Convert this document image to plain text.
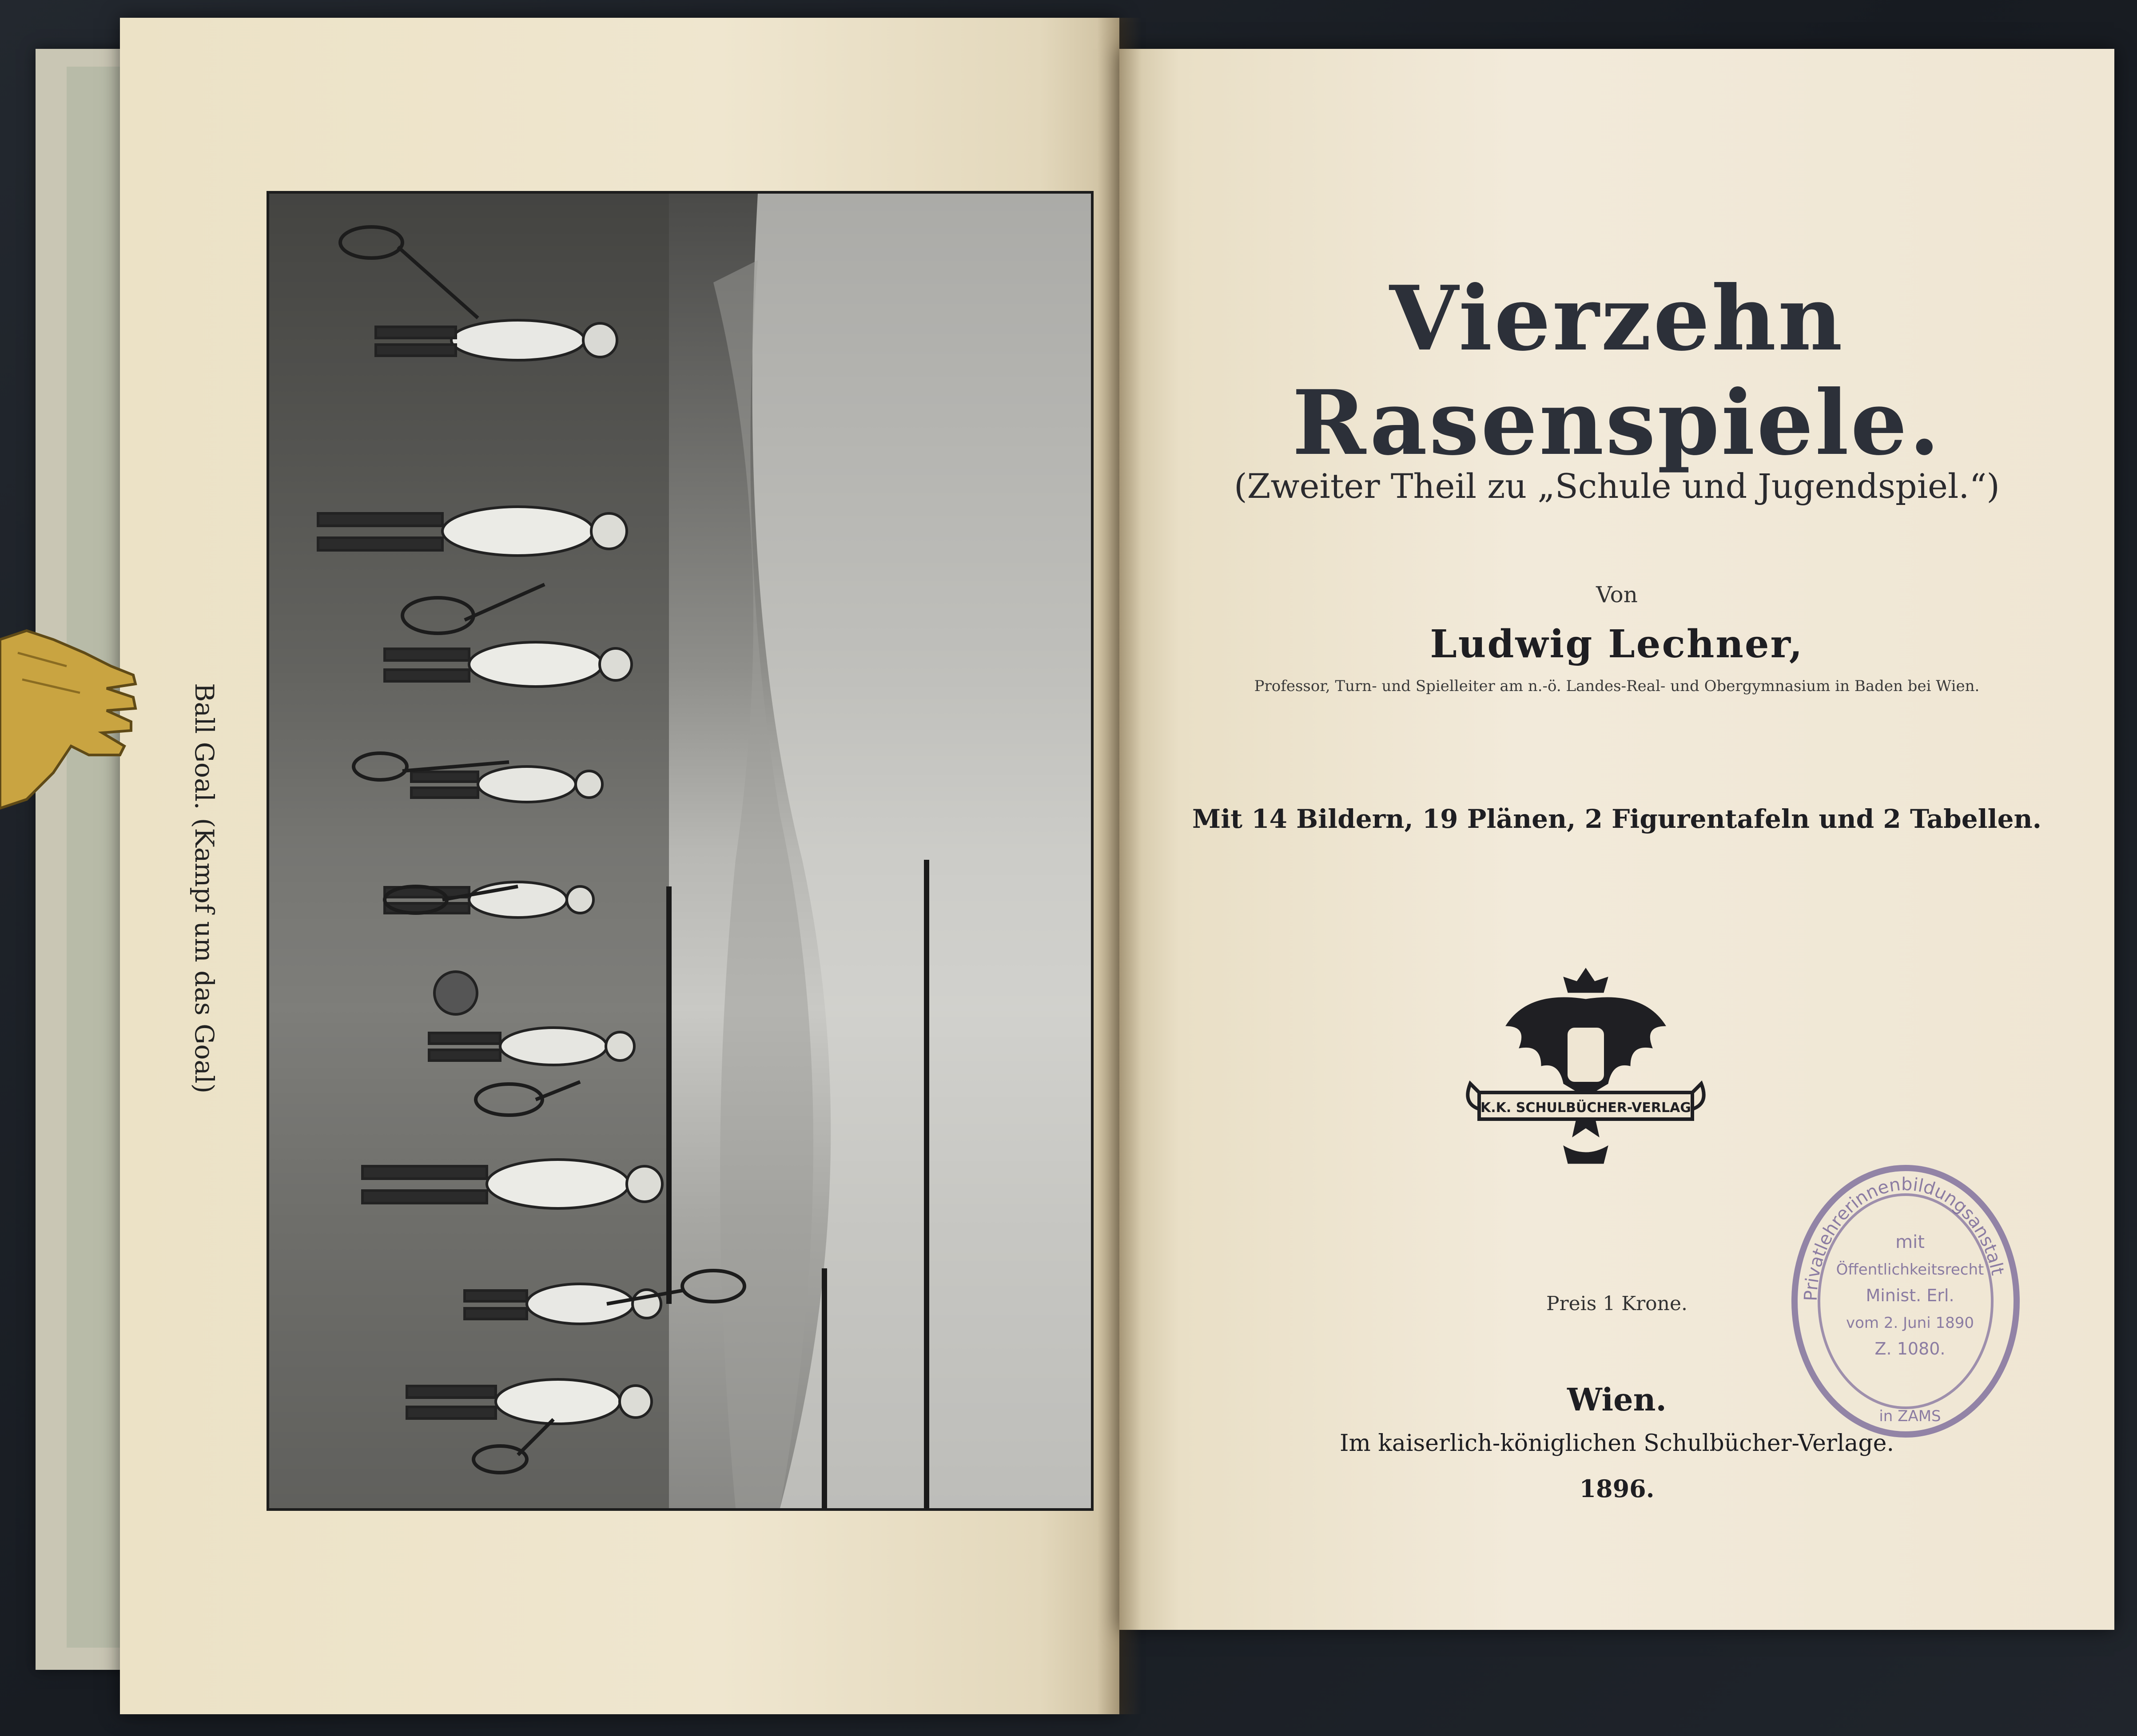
Ball Goal. (Kampf um das Goal)
Vierzehn Rasenspiele.
(Zweiter Theil zu „Schule und Jugendspiel.“)
Von
Ludwig Lechner,
Professor, Turn- und Spielleiter am n.-ö. Landes-Real- und Obergymnasium in Baden bei Wien.
Mit 14 Bildern, 19 Plänen, 2 Figurentafeln und 2 Tabellen.
K.K. SCHULBÜCHER-VERLAG
Preis 1 Krone.
Wien.
Im kaiserlich-königlichen Schulbücher-Verlage.
1896.
Privatlehrerinnenbildungsanstalt
mit
Öffentlichkeitsrecht
Minist. Erl.
vom 2. Juni 1890
Z. 1080.
in ZAMS
